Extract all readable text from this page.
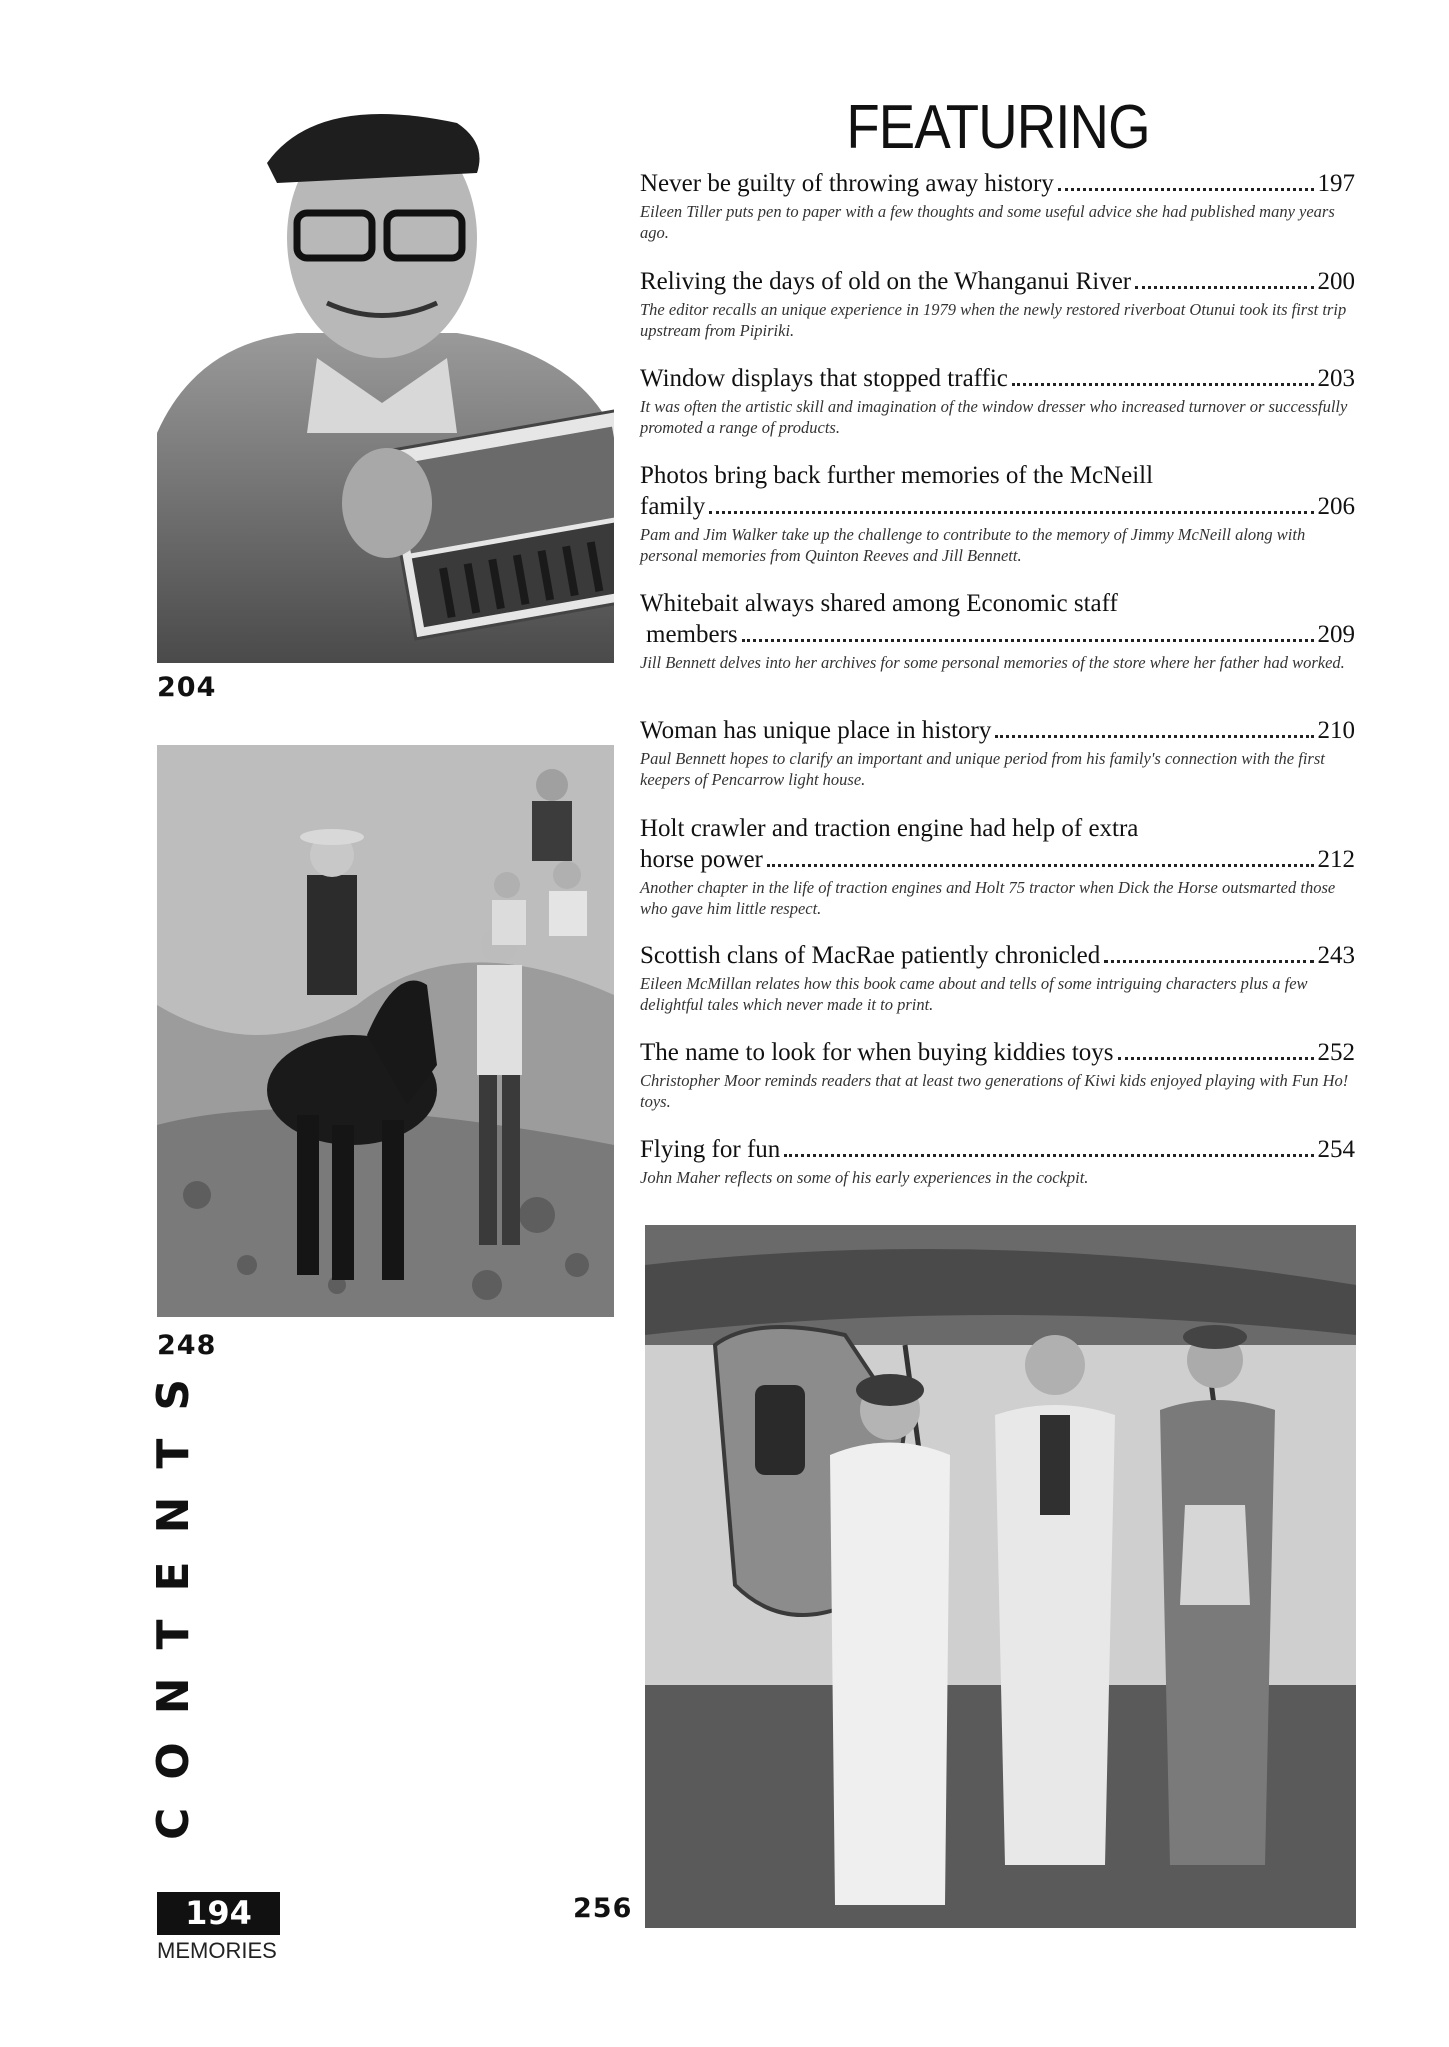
204
248
CONTENTS
194
MEMORIES
FEATURING
Never be guilty of throwing away history	197
Eileen Tiller puts pen to paper with a few thoughts and some useful advice she had published many years ago.
Reliving the days of old on the Whanganui River	200
The editor recalls an unique experience in 1979 when the newly restored riverboat Otunui took its first trip upstream from Pipiriki.
Window displays that stopped traffic	203
It was often the artistic skill and imagination of the window dresser who increased turnover or successfully promoted a range of products.
Photos bring back further memories of the McNeill
family	206
Pam and Jim Walker take up the challenge to contribute to the memory of Jimmy McNeill along with personal memories from Quinton Reeves and Jill Bennett.
Whitebait always shared among Economic staff
members	209
Jill Bennett delves into her archives for some personal memories of the store where her father had worked.
Woman has unique place in history	210
Paul Bennett hopes to clarify an important and unique period from his family's connection with the first keepers of Pencarrow light house.
Holt crawler and traction engine had help of extra
horse power	212
Another chapter in the life of traction engines and Holt 75 tractor when Dick the Horse outsmarted those who gave him little respect.
Scottish clans of MacRae patiently chronicled	243
Eileen McMillan relates how this book came about and tells of some intriguing characters plus a few delightful tales which never made it to print.
The name to look for when buying kiddies toys	252
Christopher Moor reminds readers that at least two generations of Kiwi kids enjoyed playing with Fun Ho! toys.
Flying for fun	254
John Maher reflects on some of his early experiences in the cockpit.
256
